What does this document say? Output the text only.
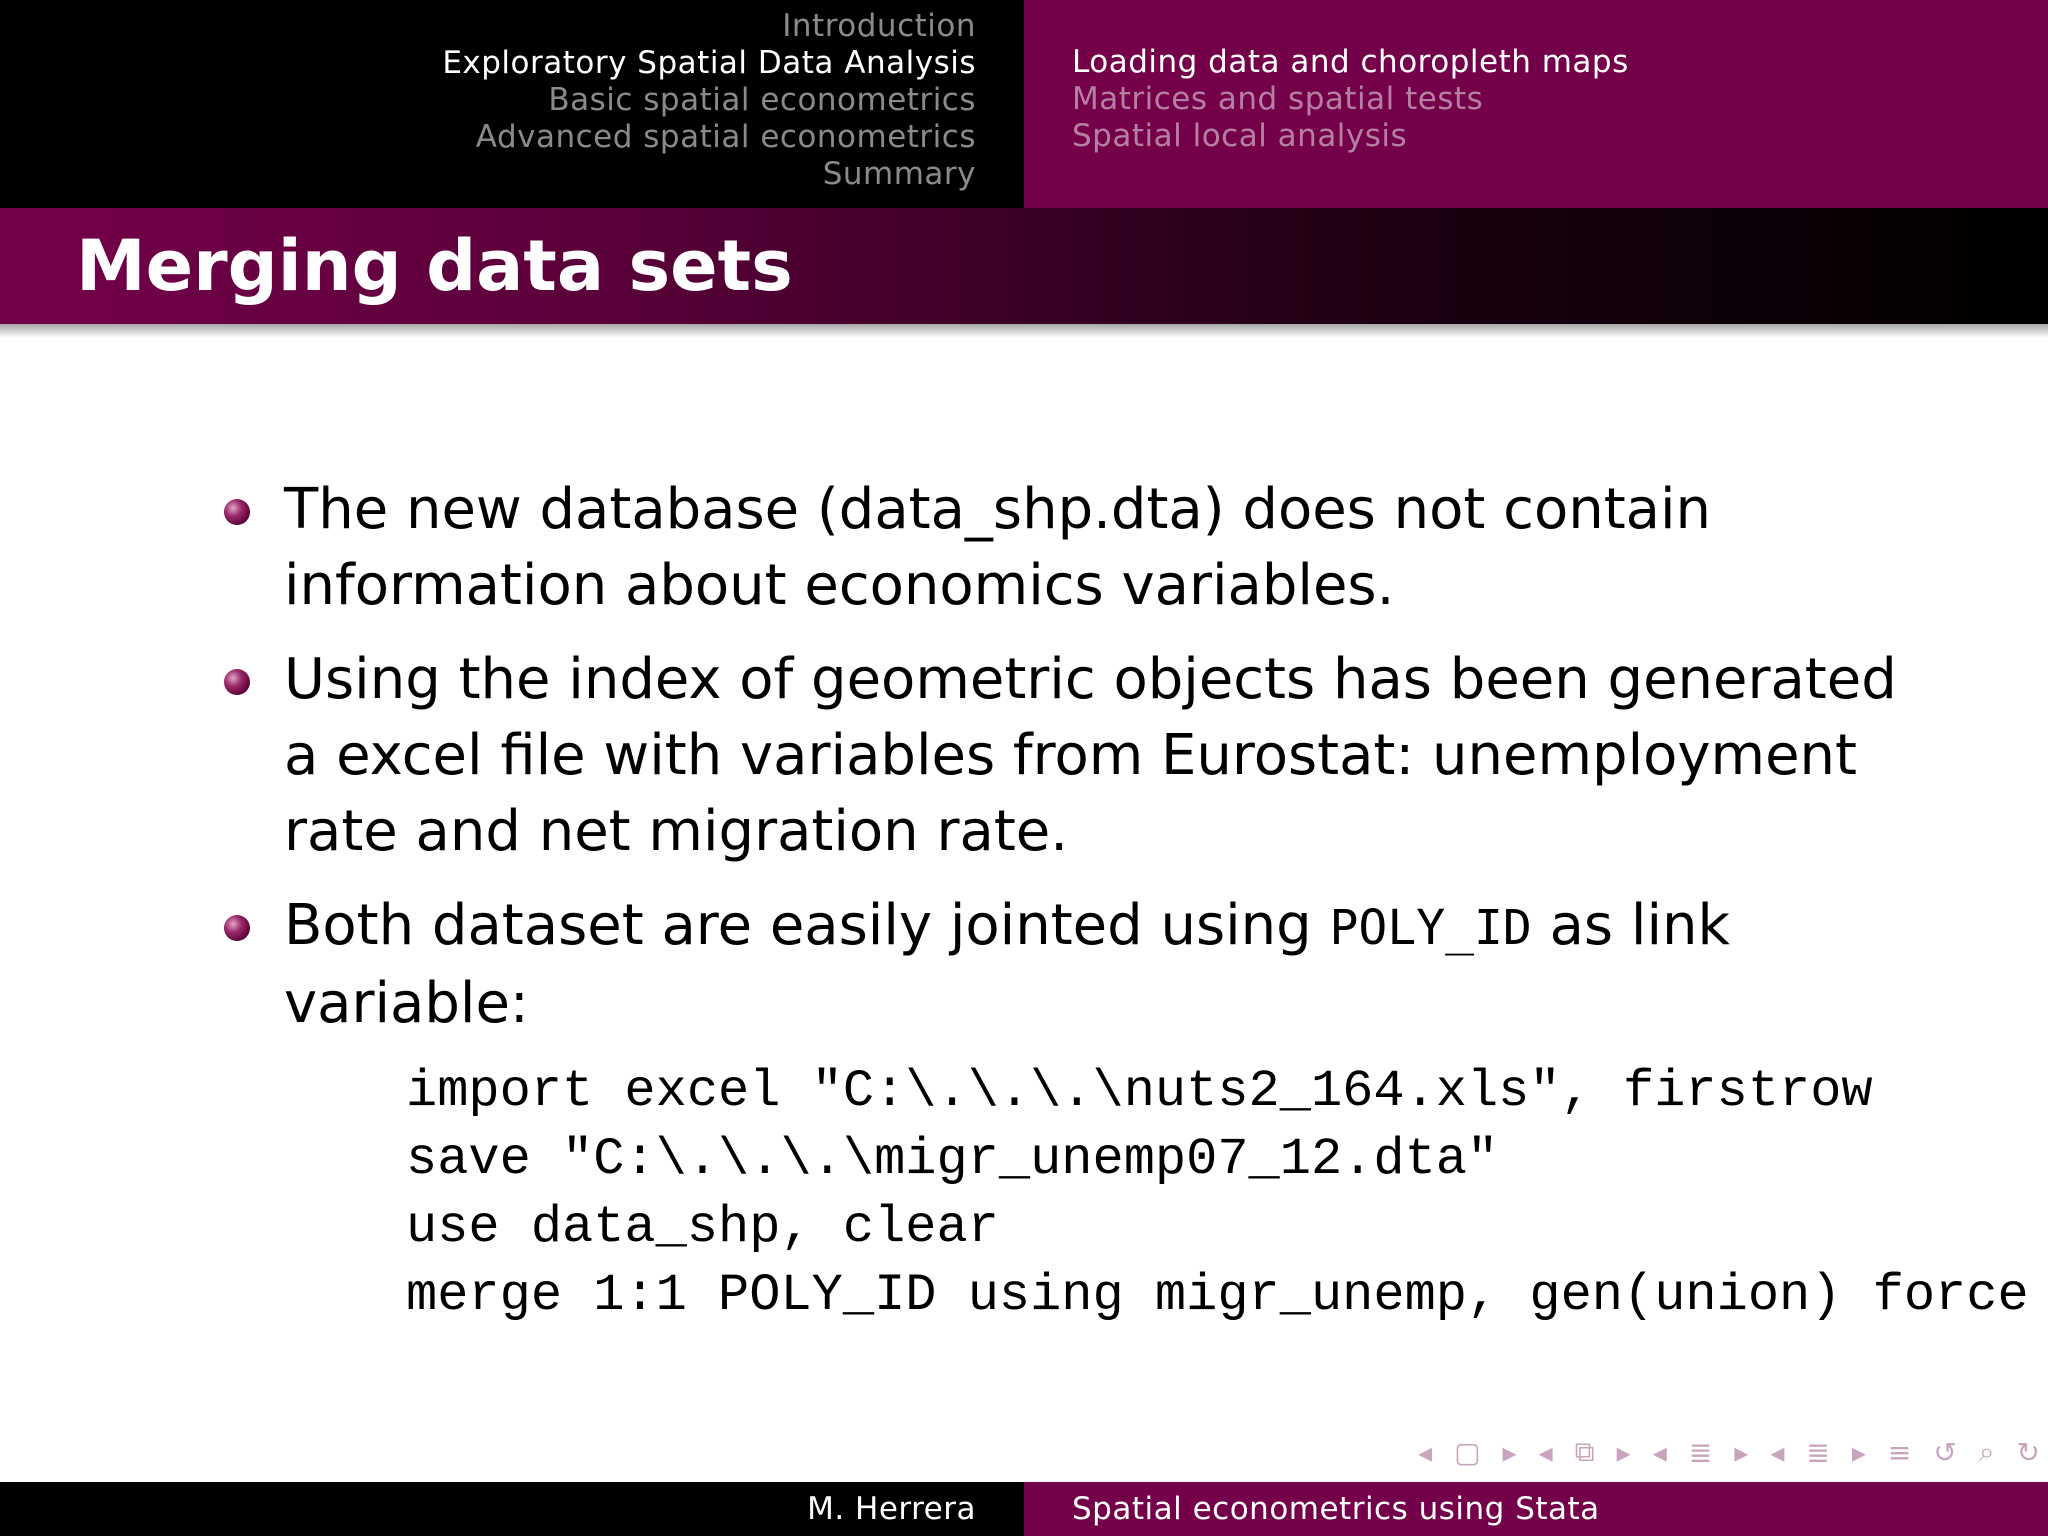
Introduction
Exploratory Spatial Data Analysis
Basic spatial econometrics
Advanced spatial econometrics
Summary
Loading data and choropleth maps
Matrices and spatial tests
Spatial local analysis
Merging data sets
The new database (data_shp.dta) does not contain information about economics variables.
Using the index of geometric objects has been generated a excel file with variables from Eurostat: unemployment rate and net migration rate.
Both dataset are easily jointed using POLY_ID as link variable:
import excel "C:\.\.\.\nuts2_164.xls", firstrow
save "C:\.\.\.\migr_unemp07_12.dta"
use data_shp, clear
merge 1:1 POLY_ID using migr_unemp, gen(union) force
◂ ▢ ▸ ◂ ⧉ ▸ ◂ ≣ ▸ ◂ ≣ ▸ ≡ ↺ ⌕ ↻
M. Herrera	Spatial econometrics using Stata
